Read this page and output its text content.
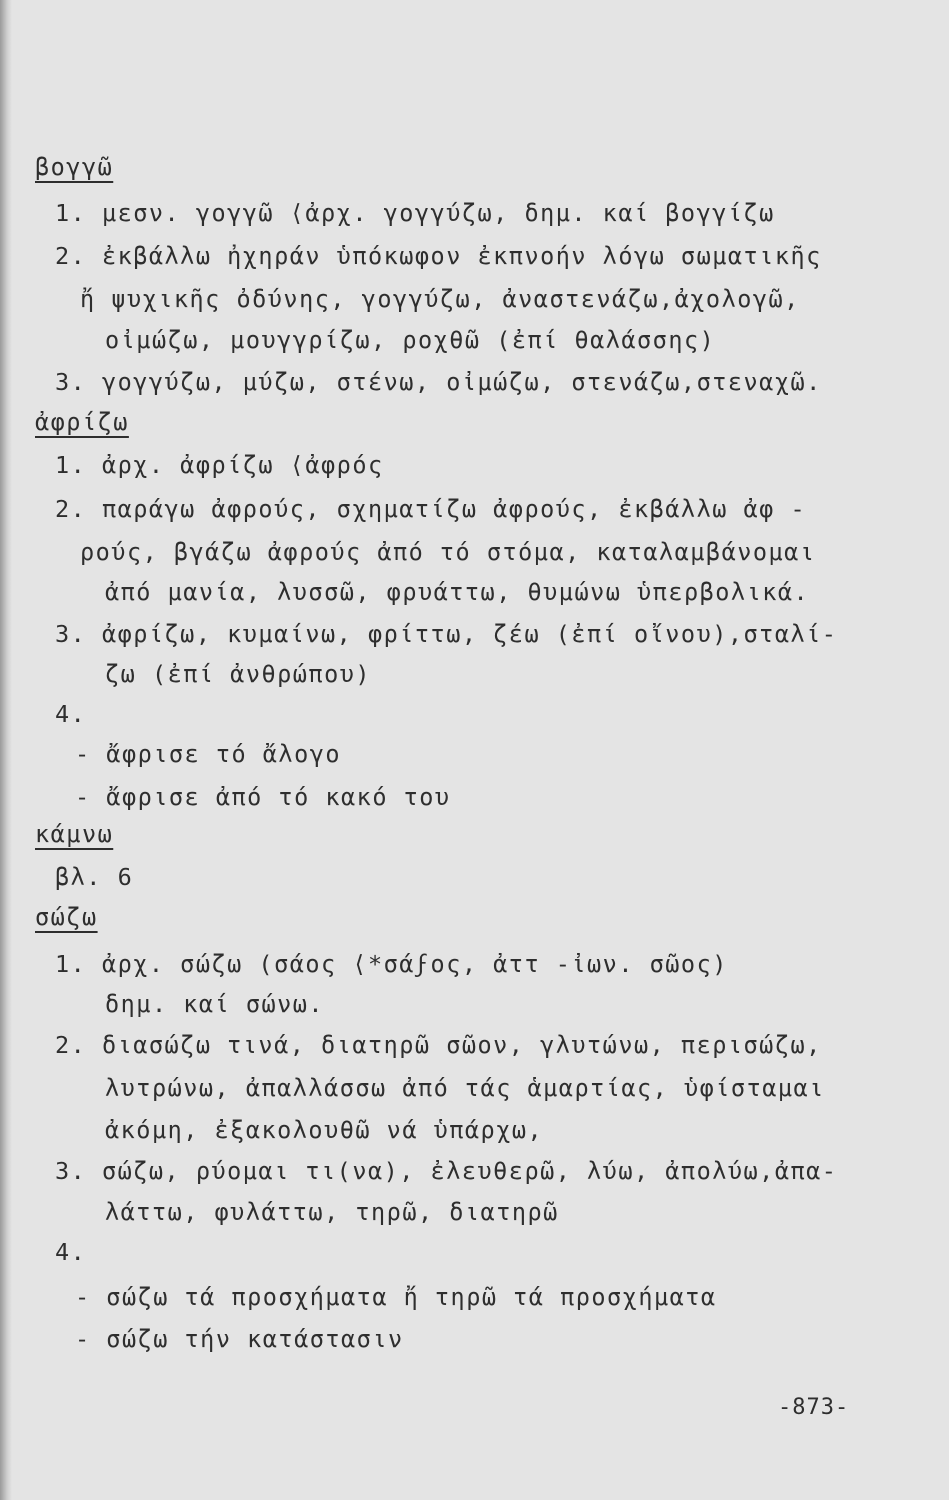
βογγῶ
1. μεσν. γογγῶ ⟨ἀρχ. γογγύζω, δημ. καί βογγίζω
2. ἐκβάλλω ἠχηράν ὑπόκωφον ἐκπνοήν λόγω σωματικῆς
ἤ ψυχικῆς ὀδύνης, γογγύζω, ἀναστενάζω,ἀχολογῶ,
οἰμώζω, μουγγρίζω, ροχθῶ (ἐπί θαλάσσης)
3. γογγύζω, μύζω, στένω, οἰμώζω, στενάζω,στεναχῶ.
ἀφρίζω
1. ἀρχ. ἀφρίζω ⟨ἀφρός
2. παράγω ἀφρούς, σχηματίζω ἀφρούς, ἐκβάλλω ἀφ -
ρούς, βγάζω ἀφρούς ἀπό τό στόμα, καταλαμβάνομαι
ἀπό μανία, λυσσῶ, φρυάττω, θυμώνω ὑπερβολικά.
3. ἀφρίζω, κυμαίνω, φρίττω, ζέω (ἐπί οἴνου),σταλί-
ζω (ἐπί ἀνθρώπου)
4.
- ἄφρισε τό ἄλογο
- ἄφρισε ἀπό τό κακό του
κάμνω
βλ. 6
σώζω
1. ἀρχ. σώζω (σάος ⟨*σάϝος, ἀττ -ἰων. σῶος)
δημ. καί σώνω.
2. διασώζω τινά, διατηρῶ σῶον, γλυτώνω, περισώζω,
λυτρώνω, ἀπαλλάσσω ἀπό τάς ἁμαρτίας, ὑφίσταμαι
ἀκόμη, ἐξακολουθῶ νά ὑπάρχω,
3. σώζω, ρύομαι τι(να), ἐλευθερῶ, λύω, ἀπολύω,ἀπα-
λάττω, φυλάττω, τηρῶ, διατηρῶ
4.
- σώζω τά προσχήματα ἤ τηρῶ τά προσχήματα
- σώζω τήν κατάστασιν
-873-
